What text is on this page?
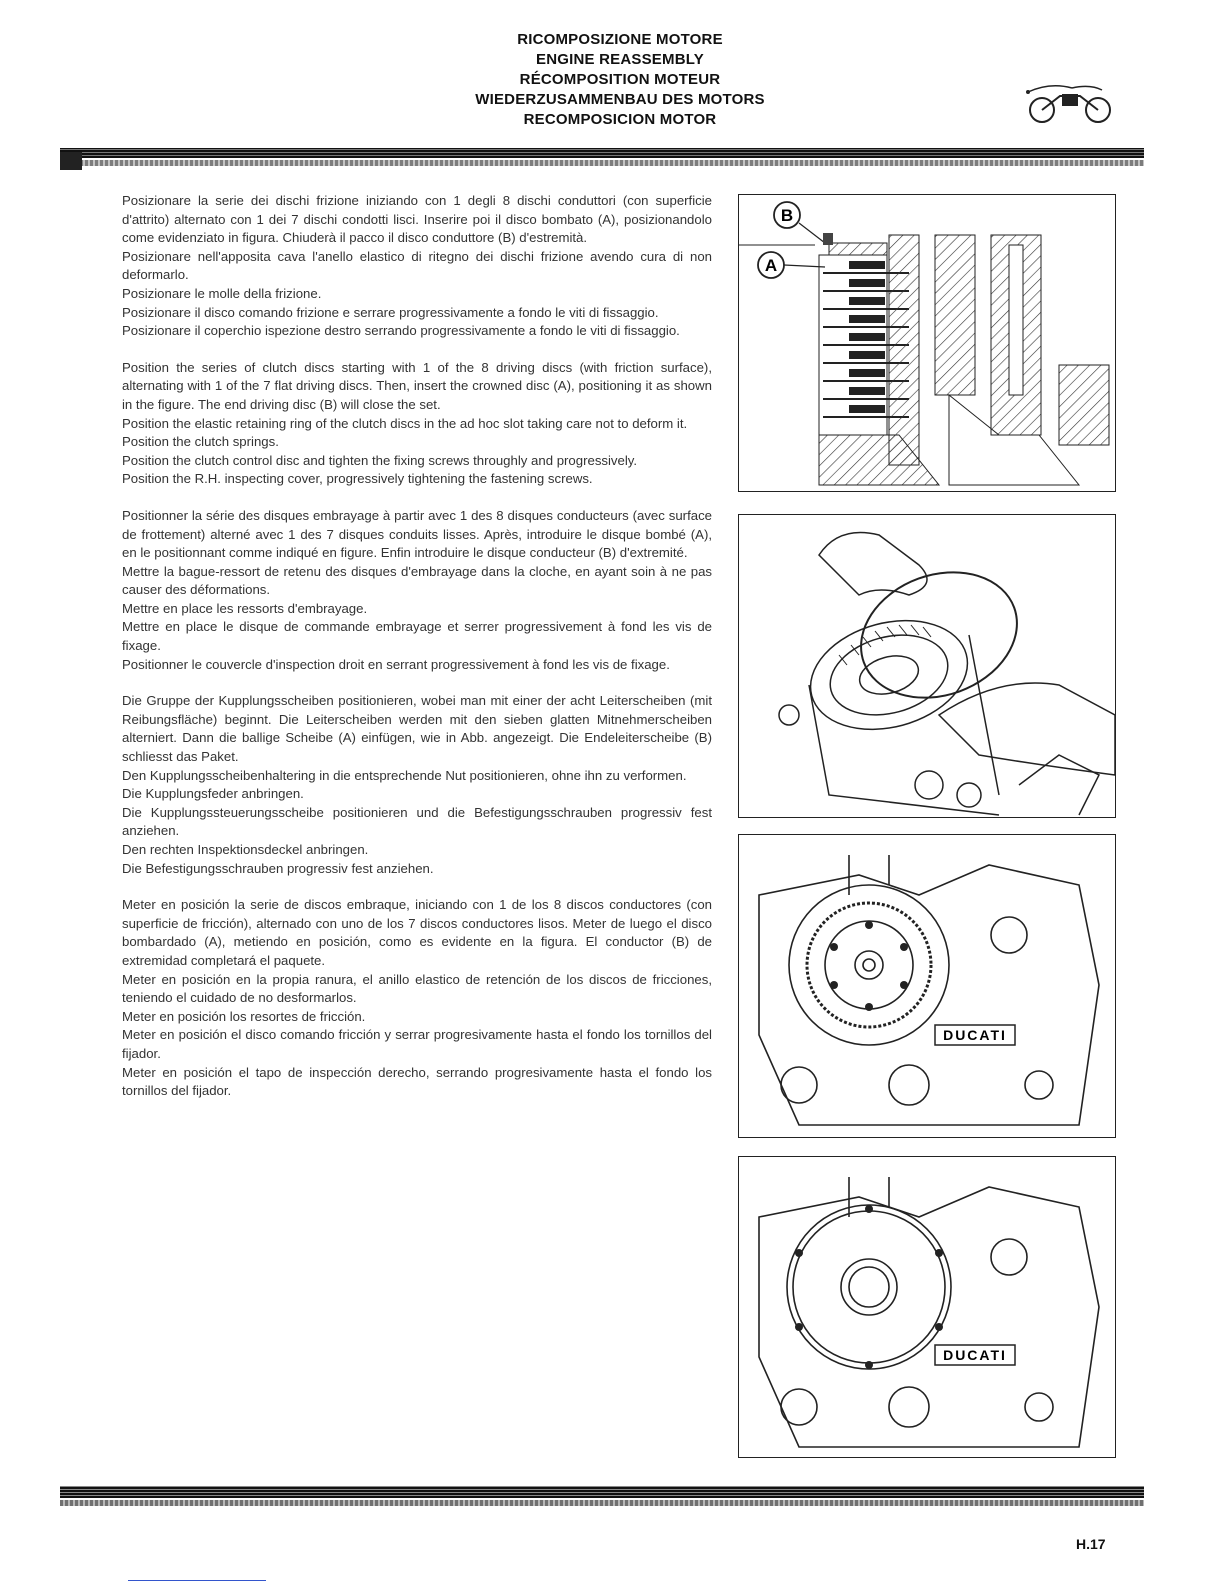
RICOMPOSIZIONE MOTORE
ENGINE REASSEMBLY
RÉCOMPOSITION MOTEUR
WIEDERZUSAMMENBAU DES MOTORS
RECOMPOSICION MOTOR

Posizionare la serie dei dischi frizione iniziando con 1 degli 8 dischi conduttori (con superficie d'attrito) alternato con 1 dei 7 dischi condotti lisci. Inserire poi il disco bombato (A), posizionandolo come evidenziato in figura. Chiuderà il pacco il disco conduttore (B) d'estremità.

Posizionare nell'apposita cava l'anello elastico di ritegno dei dischi frizione avendo cura di non deformarlo.

Posizionare le molle della frizione.

Posizionare il disco comando frizione e serrare progressivamente a fondo le viti di fissaggio.

Posizionare il coperchio ispezione destro serrando progressivamente a fondo le viti di fissaggio.

Position the series of clutch discs starting with 1 of the 8 driving discs (with friction surface), alternating with 1 of the 7 flat driving discs. Then, insert the crowned disc (A), positioning it as shown in the figure. The end driving disc (B) will close the set.

Position the elastic retaining ring of the clutch discs in the ad hoc slot taking care not to deform it.

Position the clutch springs.

Position the clutch control disc and tighten the fixing screws throughly and progressively.

Position the R.H. inspecting cover, progressively tightening the fastening screws.

Positionner la série des disques embrayage à partir avec 1 des 8 disques conducteurs (avec surface de frottement) alterné avec 1 des 7 disques conduits lisses. Après, introduire le disque bombé (A), en le positionnant comme indiqué en figure. Enfin introduire le disque conducteur (B) d'extremité.

Mettre la bague-ressort de retenu des disques d'embrayage dans la cloche, en ayant soin à ne pas causer des déformations.

Mettre en place les ressorts d'embrayage.

Mettre en place le disque de commande embrayage et serrer progressivement à fond les vis de fixage.

Positionner le couvercle d'inspection droit en serrant progressivement à fond les vis de fixage.

Die Gruppe der Kupplungsscheiben positionieren, wobei man mit einer der acht Leiterscheiben (mit Reibungsfläche) beginnt. Die Leiterscheiben werden mit den sieben glatten Mitnehmerscheiben alterniert. Dann die ballige Scheibe (A) einfügen, wie in Abb. angezeigt. Die Endeleiterscheibe (B) schliesst das Paket.

Den Kupplungsscheibenhaltering in die entsprechende Nut positionieren, ohne ihn zu verformen.

Die Kupplungsfeder anbringen.

Die Kupplungssteuerungsscheibe positionieren und die Befestigungsschrauben progressiv fest anziehen.

Den rechten Inspektionsdeckel anbringen.

Die Befestigungsschrauben progressiv fest anziehen.

Meter en posición la serie de discos embraque, iniciando con 1 de los 8 discos conductores (con superficie de fricción), alternado con uno de los 7 discos conductores lisos. Meter de luego el disco bombardado (A), metiendo en posición, como es evidente en la figura. El conductor (B) de extremidad completará el paquete.

Meter en posición en la propia ranura, el anillo elastico de retención de los discos de fricciones, teniendo el cuidado de no desformarlos.

Meter en posición los resortes de fricción.

Meter en posición el disco comando fricción y serrar progresivamente hasta el fondo los tornillos del fijador.

Meter en posición el tapo de inspección derecho, serrando progresivamente hasta el fondo los tornillos del fijador.

B
A
DUCATI
DUCATI
H.17
